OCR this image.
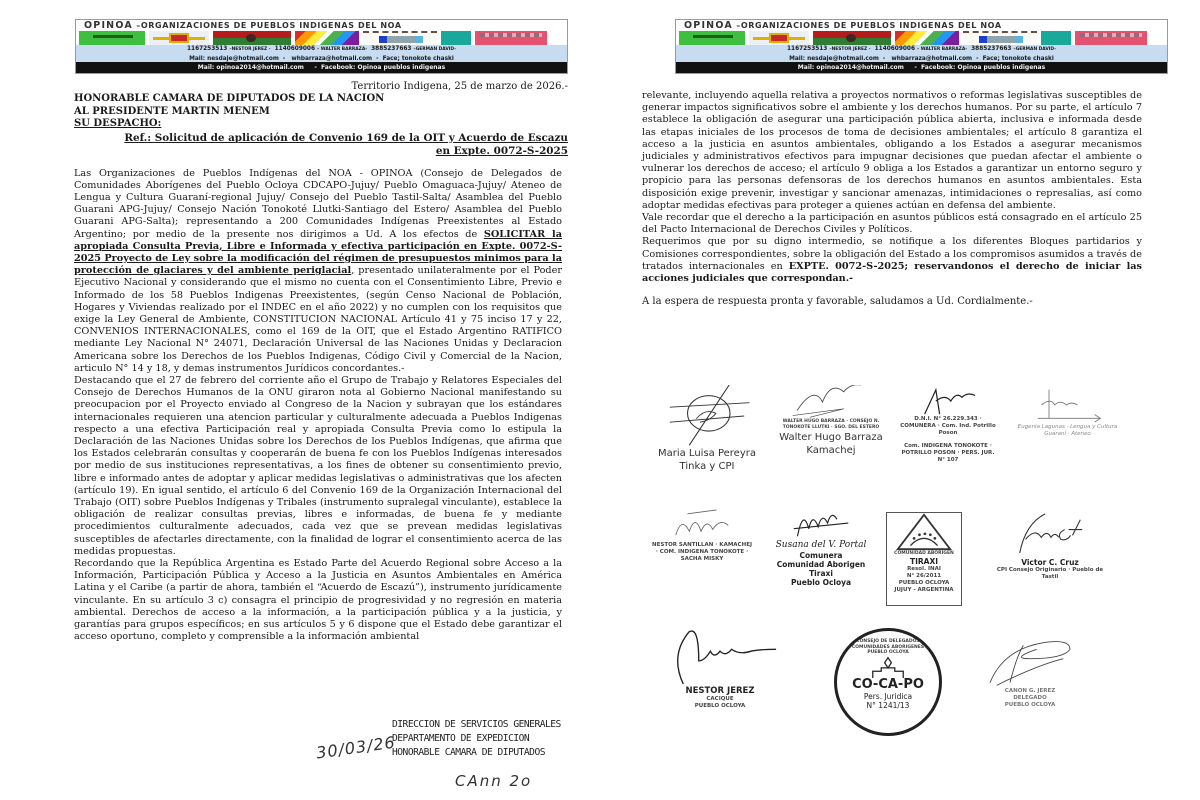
OPINOA –ORGANIZACIONES DE PUEBLOS INDIGENAS DEL NOA
1167253513 –NESTOR JEREZ - 1140609006 – WALTER BARRAZA- 3885237663 –GERMAN DAVID-
Mail: nesdaje@hotmail.com  -   whbarraza@hotmail.com  -  Face; tonokote chaski
Mail: opinoa2014@hotmail.com     -  Facebook: Opinoa pueblos indigenas
Territorio Indigena, 25 de marzo de 2026.-
HONORABLE CAMARA DE DIPUTADOS DE LA NACION
AL PRESIDENTE MARTIN MENEM
SU DESPACHO:
Ref.: Solicitud de aplicación de Convenio 169 de la OIT y Acuerdo de Escazu
en Expte. 0072-S-2025

Las Organizaciones de Pueblos Indígenas del NOA - OPINOA (Consejo de Delegados de Comunidades Aborígenes del Pueblo Ocloya CDCAPO-Jujuy/ Pueblo Omaguaca-Jujuy/ Ateneo de Lengua y Cultura Guaraní-regional Jujuy/ Consejo del Pueblo Tastil-Salta/ Asamblea del Pueblo Guarani APG-Jujuy/ Consejo Nación Tonokoté Llutki-Santiago del Estero/ Asamblea del Pueblo Guarani APG-Salta); representando a 200 Comunidades Indígenas Preexistentes al Estado Argentino; por medio de la presente nos dirigimos a Ud. A los efectos de SOLICITAR la apropiada Consulta Previa, Libre e Informada y efectiva participación en Expte. 0072-S-2025 Proyecto de Ley sobre la modificación del régimen de presupuestos minimos para la protección de glaciares y del ambiente periglacial, presentado unilateralmente por el Poder Ejecutivo Nacional y considerando que el mismo no cuenta con el Consentimiento Libre, Previo e Informado de los 58 Pueblos Indigenas Preexistentes, (según Censo Nacional de Población, Hogares y Viviendas realizado por el INDEC en el año 2022) y no cumplen con los requisitos que exige la Ley General de Ambiente, CONSTITUCION NACIONAL Artículo 41 y 75 inciso 17 y 22, CONVENIOS INTERNACIONALES, como el 169 de la OIT, que el Estado Argentino RATIFICO mediante Ley Nacional N° 24071, Declaración Universal de las Naciones Unidas y Declaracion Americana sobre los Derechos de los Pueblos Indigenas, Código Civil y Comercial de la Nacion, articulo N° 14 y 18, y demas instrumentos Jurídicos concordantes.-

Destacando que el 27 de febrero del corriente año el Grupo de Trabajo y Relatores Especiales del Consejo de Derechos Humanos de la ONU giraron nota al Gobierno Nacional manifestando su preocupacion por el Proyecto enviado al Congreso de la Nacion y subrayan que los estándares internacionales requieren una atencion particular y culturalmente adecuada a Pueblos Indigenas respecto a una efectiva Participación real y apropiada Consulta Previa como lo estipula la Declaración de las Naciones Unidas sobre los Derechos de los Pueblos Indígenas, que afirma que los Estados celebrarán consultas y cooperarán de buena fe con los Pueblos Indígenas interesados por medio de sus instituciones representativas, a los fines de obtener su consentimiento previo, libre e informado antes de adoptar y aplicar medidas legislativas o administrativas que los afecten (artículo 19). En igual sentido, el artículo 6 del Convenio 169 de la Organización Internacional del Trabajo (OIT) sobre Pueblos Indígenas y Tribales (instrumento supralegal vinculante), establece la obligación de realizar consultas previas, libres e informadas, de buena fe y mediante procedimientos culturalmente adecuados, cada vez que se prevean medidas legislativas susceptibles de afectarles directamente, con la finalidad de lograr el consentimiento acerca de las medidas propuestas.

Recordando que la República Argentina es Estado Parte del Acuerdo Regional sobre Acceso a la Información, Participación Pública y Acceso a la Justicia en Asuntos Ambientales en América Latina y el Caribe (a partir de ahora, también el “Acuerdo de Escazú”), instrumento jurídicamente vinculante. En su artículo 3 c) consagra el principio de progresividad y no regresión en materia ambiental. Derechos de acceso a la información, a la participación pública y a la justicia, y garantías para grupos específicos; en sus artículos 5 y 6 dispone que el Estado debe garantizar el acceso oportuno, completo y comprensible a la información ambiental

DIRECCION DE SERVICIOS GENERALES
DEPARTAMENTO DE EXPEDICION
HONORABLE CAMARA DE DIPUTADOS
30/03/26
CAnn 2o
OPINOA –ORGANIZACIONES DE PUEBLOS INDIGENAS DEL NOA
1167253513 –NESTOR JEREZ - 1140609006 – WALTER BARRAZA- 3885237663 –GERMAN DAVID-
Mail: nesdaje@hotmail.com  -   whbarraza@hotmail.com  -  Face; tonokote chaski
Mail: opinoa2014@hotmail.com     -  Facebook: Opinoa pueblos indigenas

relevante, incluyendo aquella relativa a proyectos normativos o reformas legislativas susceptibles de generar impactos significativos sobre el ambiente y los derechos humanos. Por su parte, el artículo 7 establece la obligación de asegurar una participación pública abierta, inclusiva e informada desde las etapas iniciales de los procesos de toma de decisiones ambientales; el artículo 8 garantiza el acceso a la justicia en asuntos ambientales, obligando a los Estados a asegurar mecanismos judiciales y administrativos efectivos para impugnar decisiones que puedan afectar el ambiente o vulnerar los derechos de acceso; el artículo 9 obliga a los Estados a garantizar un entorno seguro y propicio para las personas defensoras de los derechos humanos en asuntos ambientales. Esta disposición exige prevenir, investigar y sancionar amenazas, intimidaciones o represalias, así como adoptar medidas efectivas para proteger a quienes actúan en defensa del ambiente.

Vale recordar que el derecho a la participación en asuntos públicos está consagrado en el artículo 25 del Pacto Internacional de Derechos Civiles y Políticos.

Requerimos que por su digno intermedio, se notifique a los diferentes Bloques partidarios y Comisiones correspondientes, sobre la obligación del Estado a los compromisos asumidos a través de tratados internacionales en EXPTE. 0072-S-2025; reservandonos el derecho de iniciar las acciones judiciales que correspondan.-

A la espera de respuesta pronta y favorable, saludamos a Ud. Cordialmente.-
Maria Luisa Pereyra
Tinka y CPI
WALTER HUGO BARRAZA · CONSEJO N. TONOKOTE LLUTKI · SGO. DEL ESTERO
Walter Hugo Barraza
Kamachej
D.N.I. N° 26.229.343 · COMUNERA · Com. Ind. Potrillo Poson
Com. INDIGENA TONOKOTE · POTRILLO POSON · PERS. JUR. N° 107
Eugenia Lagunas · Lengua y Cultura Guaraní · Ateneo
NESTOR SANTILLAN · KAMACHEJ · COM. INDIGENA TONOKOTE · SACHA MISKY
Susana del V. Portal
Comunera
Comunidad Aborigen Tiraxi
Pueblo Ocloya
COMUNIDAD ABORIGEN
TIRAXI
Resol. INAI
N° 26/2011
PUEBLO OCLOYA
JUJUY - ARGENTINA
Victor C. Cruz
CPI Consejo Originario · Pueblo de Tastil
NESTOR JEREZ
CACIQUE
PUEBLO OCLOYA
CONSEJO DE DELEGADOS COMUNIDADES ABORIGENES PUEBLO OCLOYA
CO-CA-PO
Pers. Juridica
N° 1241/13
CANON G. JEREZ
DELEGADO
PUEBLO OCLOYA
